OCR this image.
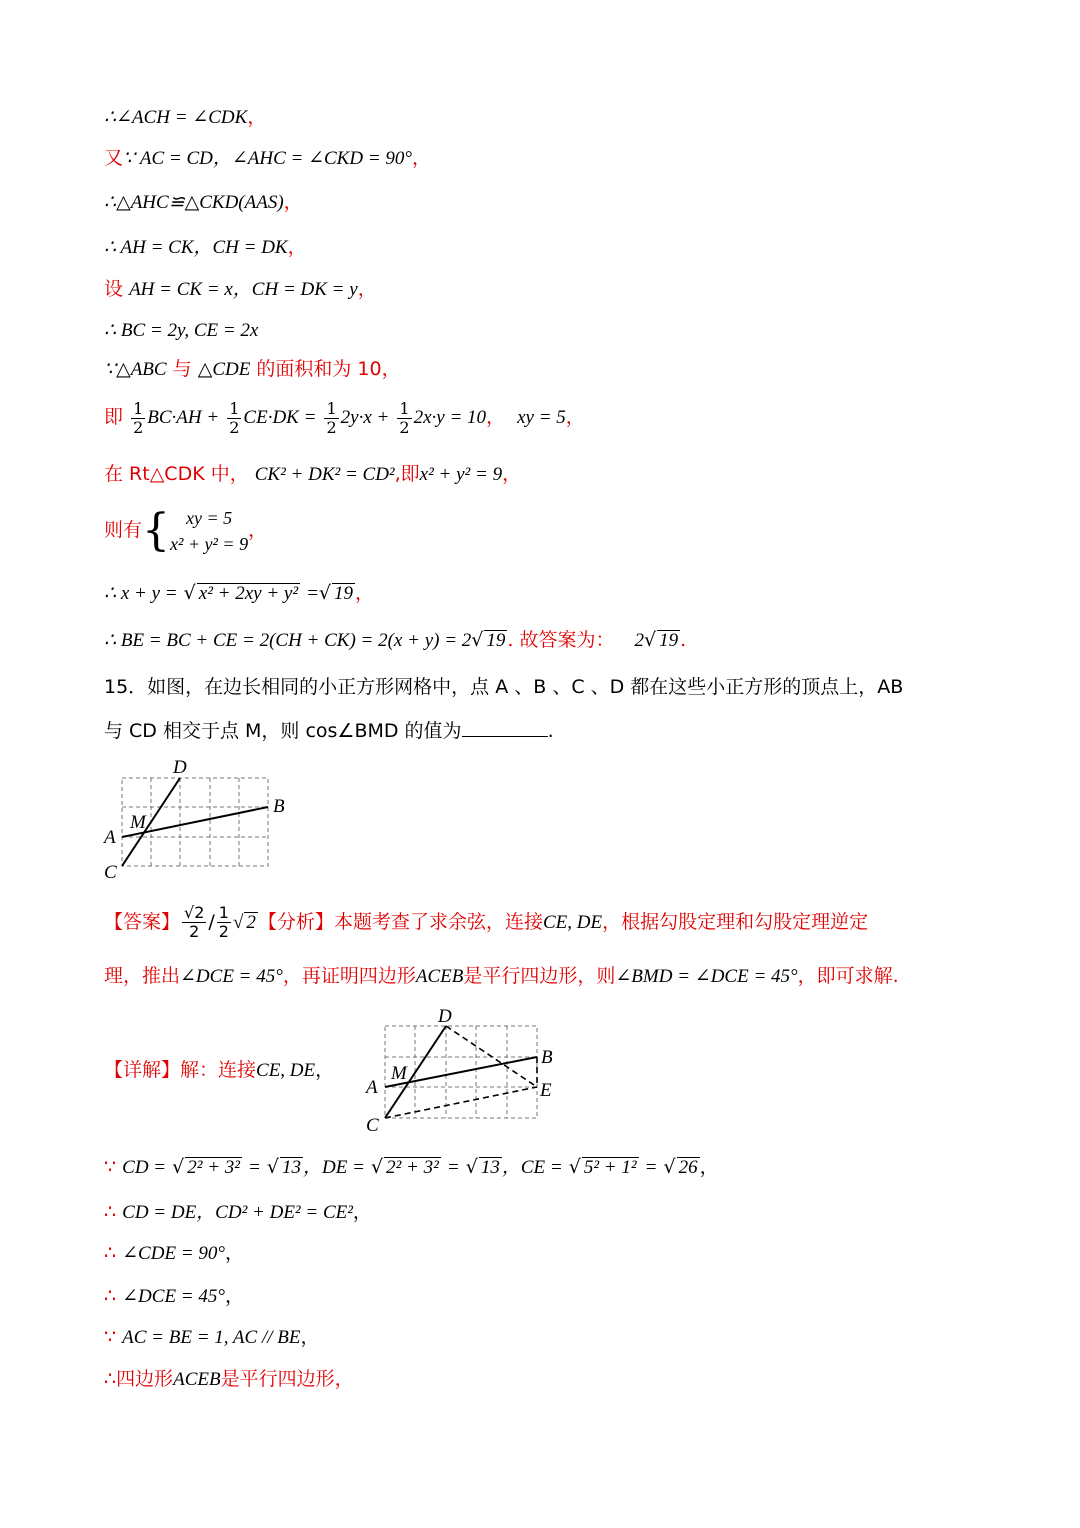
∴∠ACH = ∠CDK，
又∵ AC = CD，∠AHC = ∠CKD = 90°，
∴△AHC≌△CKD(AAS)，
∴ AH = CK，CH = DK，
设 AH = CK = x，CH = DK = y，
∴ BC = 2y, CE = 2x
∵△ABC 与 △CDE 的面积和为 10，
即 $\frac{1}{2} BC\cdot AH + \frac{1}{2} CE\cdot DK = \frac{1}{2} 2y\cdot x + \frac{1}{2} 2x\cdot y = 10$， xy = 5，
在 Rt△CDK 中， CK² + DK² = CD²,即x² + y² = 9，
则有{ xy = 5
x² + y² = 9
，
∴ x + y = √ x² + 2xy + y² =√ 19 ，
∴ BE = BC + CE = 2(CH + CK) = 2(x + y) = 2√ 19 . 故答案为： 2√ 19 .
15．如图，在边长相同的小正方形网格中，点 A 、B 、C 、D 都在这些小正方形的顶点上，AB
与 CD 相交于点 M，则 cos∠BMD 的值为	.
D
B
M
A
C
【答案】 $\frac{√2}{2} / \frac{1}{2}$ √ 2 【分析】本题考查了求余弦，连接CE, DE，根据勾股定理和勾股定理逆定
理，推出∠DCE = 45°，再证明四边形ACEB是平行四边形，则∠BMD = ∠DCE = 45°，即可求解.
【详解】解：连接CE, DE，
D
B
M
A	E
C
∵ CD = √ 2² + 3² = √ 13 ，DE = √ 2² + 3² = √ 13 ，CE = √ 5² + 1² = √ 26 ，
∴ CD = DE，CD² + DE² = CE²，
∴ ∠CDE = 90°，
∴ ∠DCE = 45°，
∵ AC = BE = 1, AC // BE，
∴四边形ACEB是平行四边形，
